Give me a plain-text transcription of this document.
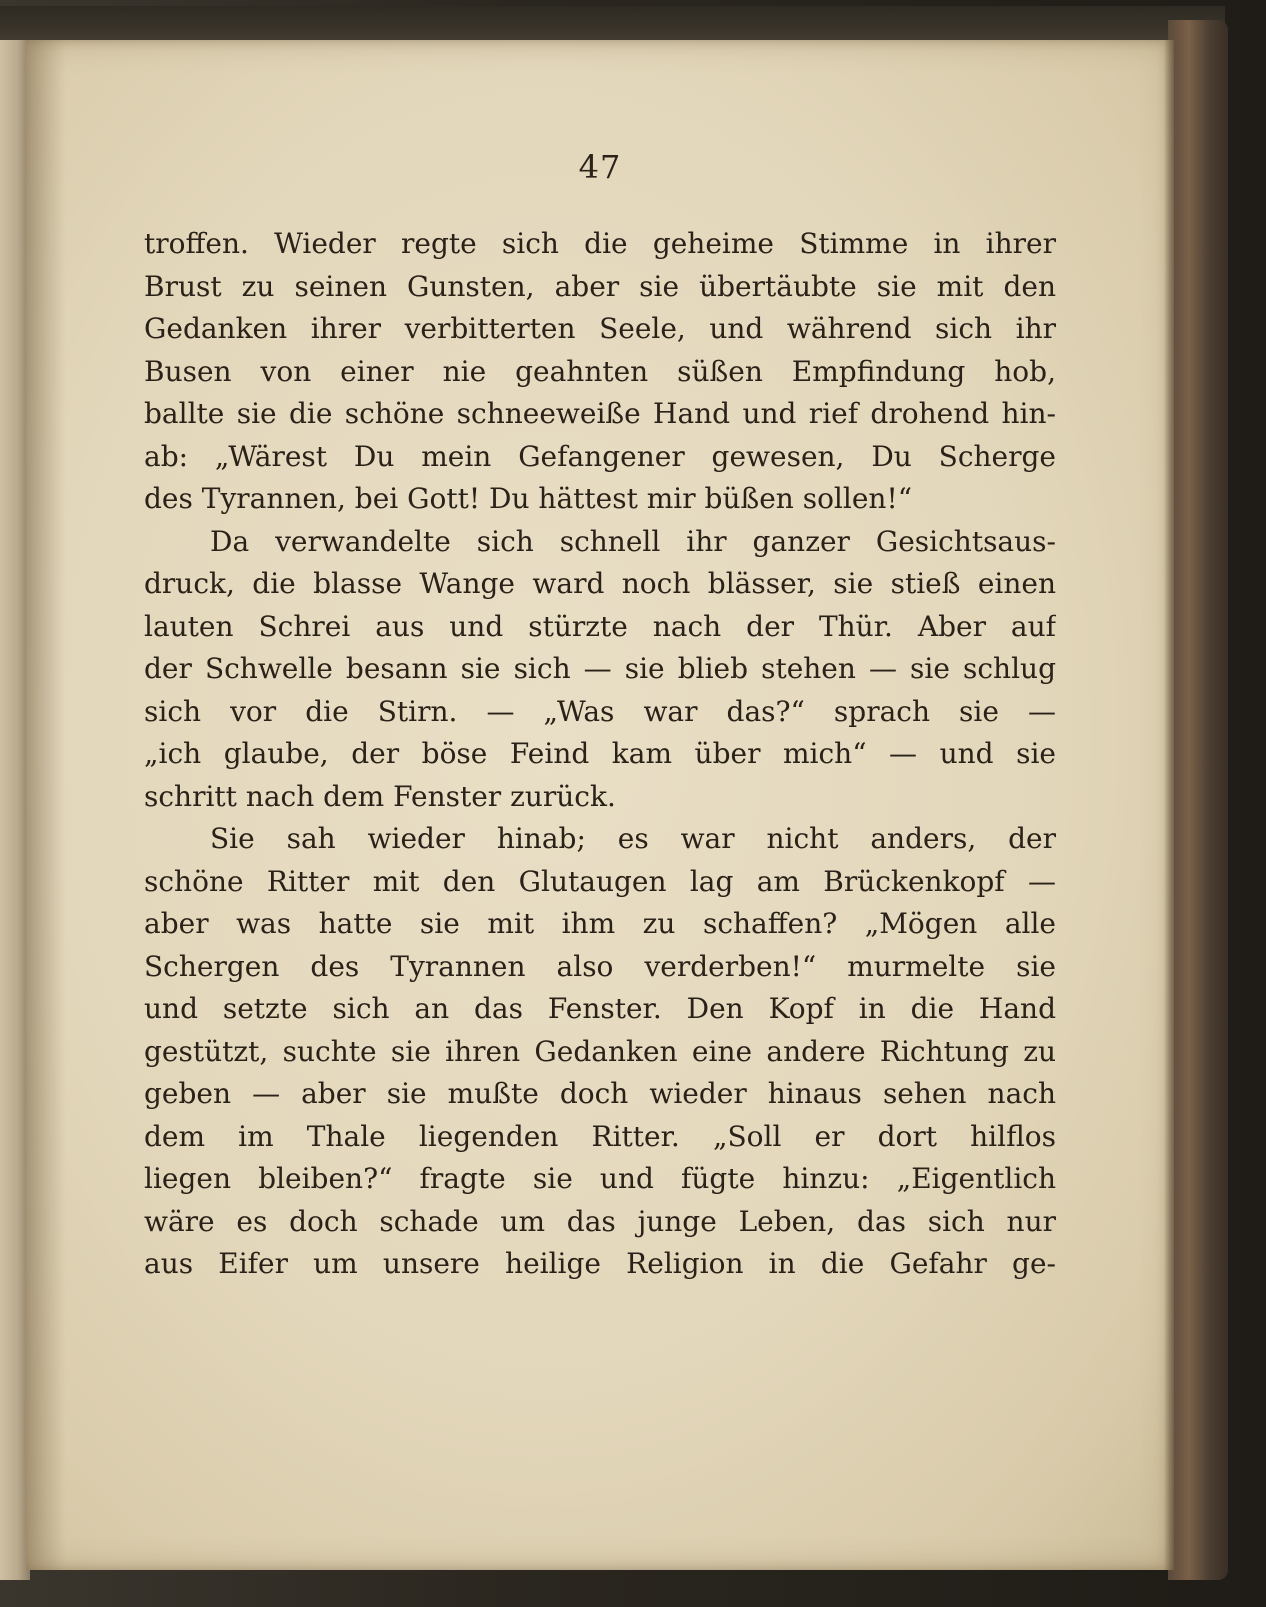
47
troffen. Wieder regte sich die geheime Stimme in ihrer
Brust zu seinen Gunsten, aber sie übertäubte sie mit den
Gedanken ihrer verbitterten Seele, und während sich ihr
Busen von einer nie geahnten süßen Empfindung hob,
ballte sie die schöne schneeweiße Hand und rief drohend hin-
ab: „Wärest Du mein Gefangener gewesen, Du Scherge
des Tyrannen, bei Gott! Du hättest mir büßen sollen!“
Da verwandelte sich schnell ihr ganzer Gesichtsaus-
druck, die blasse Wange ward noch blässer, sie stieß einen
lauten Schrei aus und stürzte nach der Thür. Aber auf
der Schwelle besann sie sich — sie blieb stehen — sie schlug
sich vor die Stirn. — „Was war das?“ sprach sie —
„ich glaube, der böse Feind kam über mich“ — und sie
schritt nach dem Fenster zurück.
Sie sah wieder hinab; es war nicht anders, der
schöne Ritter mit den Glutaugen lag am Brückenkopf —
aber was hatte sie mit ihm zu schaffen? „Mögen alle
Schergen des Tyrannen also verderben!“ murmelte sie
und setzte sich an das Fenster. Den Kopf in die Hand
gestützt, suchte sie ihren Gedanken eine andere Richtung zu
geben — aber sie mußte doch wieder hinaus sehen nach
dem im Thale liegenden Ritter. „Soll er dort hilflos
liegen bleiben?“ fragte sie und fügte hinzu: „Eigentlich
wäre es doch schade um das junge Leben, das sich nur
aus Eifer um unsere heilige Religion in die Gefahr ge-
